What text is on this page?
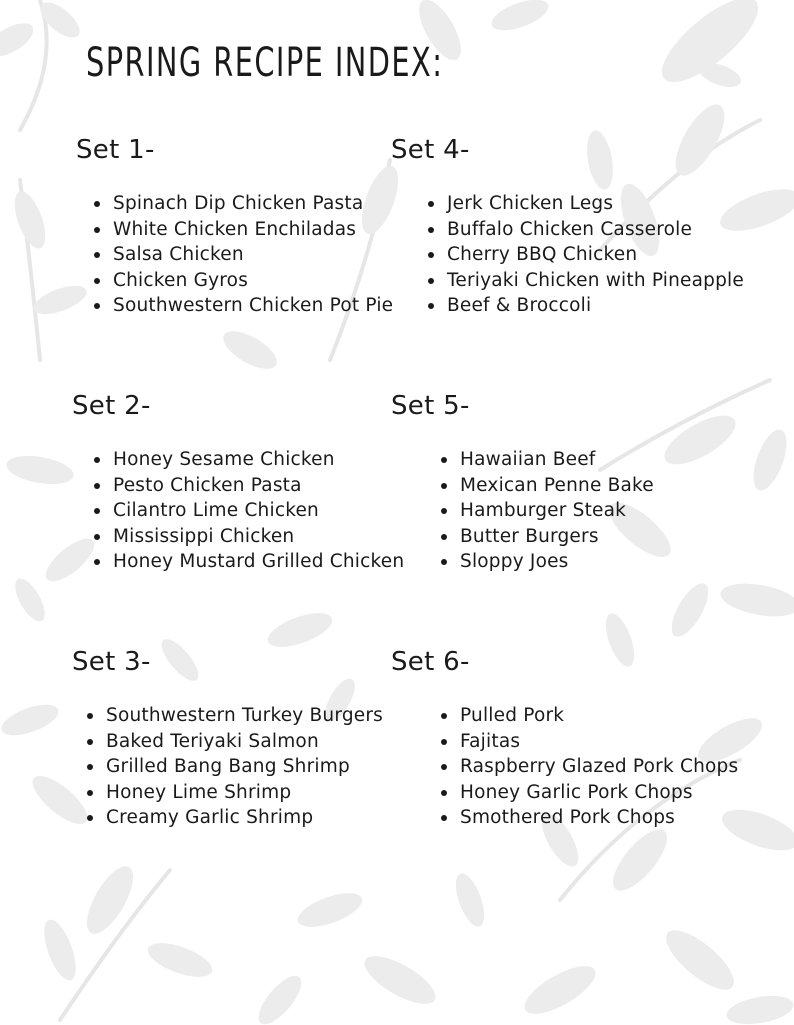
SPRING RECIPE INDEX:
Set 1-
Spinach Dip Chicken Pasta
White Chicken Enchiladas
Salsa Chicken
Chicken Gyros
Southwestern Chicken Pot Pie
Set 2-
Honey Sesame Chicken
Pesto Chicken Pasta
Cilantro Lime Chicken
Mississippi Chicken
Honey Mustard Grilled Chicken
Set 3-
Southwestern Turkey Burgers
Baked Teriyaki Salmon
Grilled Bang Bang Shrimp
Honey Lime Shrimp
Creamy Garlic Shrimp
Set 4-
Jerk Chicken Legs
Buffalo Chicken Casserole
Cherry BBQ Chicken
Teriyaki Chicken with Pineapple
Beef & Broccoli
Set 5-
Hawaiian Beef
Mexican Penne Bake
Hamburger Steak
Butter Burgers
Sloppy Joes
Set 6-
Pulled Pork
Fajitas
Raspberry Glazed Pork Chops
Honey Garlic Pork Chops
Smothered Pork Chops
